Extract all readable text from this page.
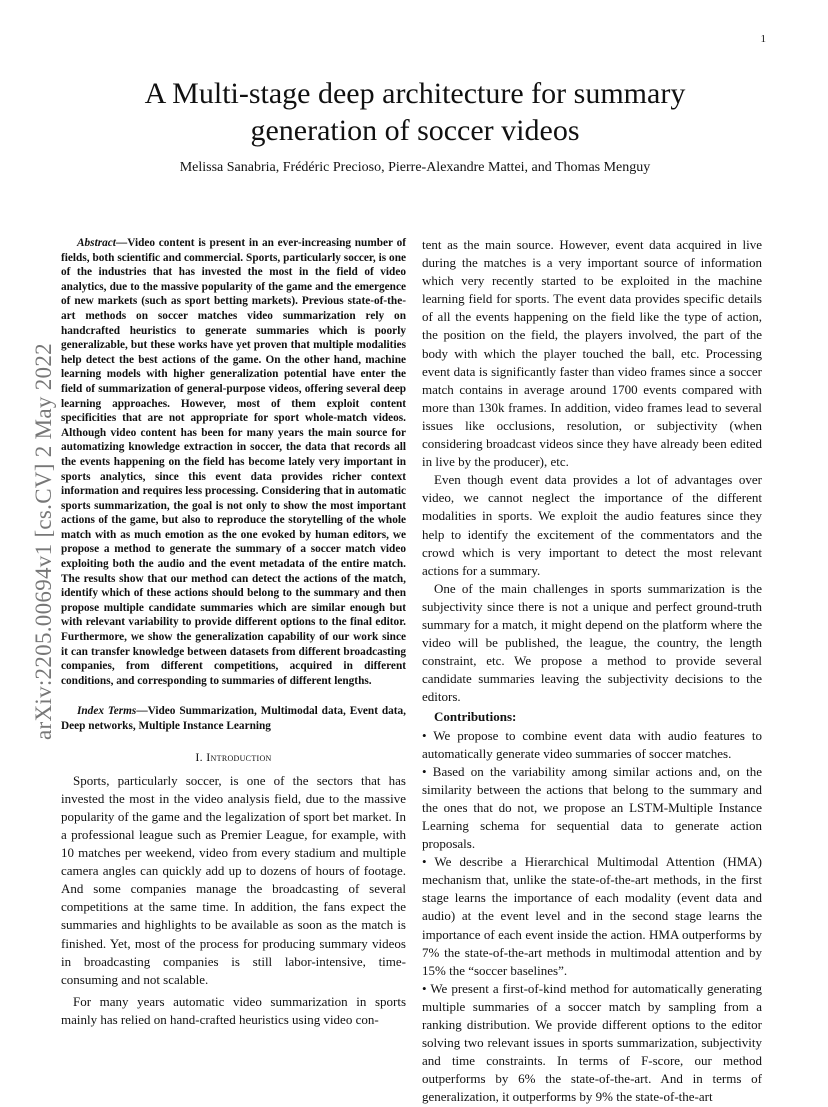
1
arXiv:2205.00694v1 [cs.CV] 2 May 2022
A Multi-stage deep architecture for summary
generation of soccer videos
Melissa Sanabria, Frédéric Precioso, Pierre-Alexandre Mattei, and Thomas Menguy

Abstract—Video content is present in an ever-increasing number of fields, both scientific and commercial. Sports, particularly soccer, is one of the industries that has invested the most in the field of video analytics, due to the massive popularity of the game and the emergence of new markets (such as sport betting markets). Previous state-of-the-art methods on soccer matches video summarization rely on handcrafted heuristics to generate summaries which is poorly generalizable, but these works have yet proven that multiple modalities help detect the best actions of the game. On the other hand, machine learning models with higher generalization potential have enter the field of summarization of general-purpose videos, offering several deep learning approaches. However, most of them exploit content specificities that are not appropriate for sport whole-match videos. Although video content has been for many years the main source for automatizing knowledge extraction in soccer, the data that records all the events happening on the field has become lately very important in sports analytics, since this event data provides richer context information and requires less processing. Considering that in automatic sports summarization, the goal is not only to show the most important actions of the game, but also to reproduce the storytelling of the whole match with as much emotion as the one evoked by human editors, we propose a method to generate the summary of a soccer match video exploiting both the audio and the event metadata of the entire match. The results show that our method can detect the actions of the match, identify which of these actions should belong to the summary and then propose multiple candidate summaries which are similar enough but with relevant variability to provide different options to the final editor. Furthermore, we show the generalization capability of our work since it can transfer knowledge between datasets from different broadcasting companies, from different competitions, acquired in different conditions, and corresponding to summaries of different lengths.

Index Terms—Video Summarization, Multimodal data, Event data, Deep networks, Multiple Instance Learning

I. Introduction

Sports, particularly soccer, is one of the sectors that has invested the most in the video analysis field, due to the massive popularity of the game and the legalization of sport bet market. In a professional league such as Premier League, for example, with 10 matches per weekend, video from every stadium and multiple camera angles can quickly add up to dozens of hours of footage. And some companies manage the broadcasting of several competitions at the same time. In addition, the fans expect the summaries and highlights to be available as soon as the match is finished. Yet, most of the process for producing summary videos in broadcasting companies is still labor-intensive, time-consuming and not scalable.

For many years automatic video summarization in sports mainly has relied on hand-crafted heuristics using video con-

tent as the main source. However, event data acquired in live during the matches is a very important source of information which very recently started to be exploited in the machine learning field for sports. The event data provides specific details of all the events happening on the field like the type of action, the position on the field, the players involved, the part of the body with which the player touched the ball, etc. Processing event data is significantly faster than video frames since a soccer match contains in average around 1700 events compared with more than 130k frames. In addition, video frames lead to several issues like occlusions, resolution, or subjectivity (when considering broadcast videos since they have already been edited in live by the producer), etc.

Even though event data provides a lot of advantages over video, we cannot neglect the importance of the different modalities in sports. We exploit the audio features since they help to identify the excitement of the commentators and the crowd which is very important to detect the most relevant actions for a summary.

One of the main challenges in sports summarization is the subjectivity since there is not a unique and perfect ground-truth summary for a match, it might depend on the platform where the video will be published, the league, the country, the length constraint, etc. We propose a method to provide several candidate summaries leaving the subjectivity decisions to the editors.

Contributions:

• We propose to combine event data with audio features to automatically generate video summaries of soccer matches.

• Based on the variability among similar actions and, on the similarity between the actions that belong to the summary and the ones that do not, we propose an LSTM-Multiple Instance Learning schema for sequential data to generate action proposals.

• We describe a Hierarchical Multimodal Attention (HMA) mechanism that, unlike the state-of-the-art methods, in the first stage learns the importance of each modality (event data and audio) at the event level and in the second stage learns the importance of each event inside the action. HMA outperforms by 7% the state-of-the-art methods in multimodal attention and by 15% the “soccer baselines”.

• We present a first-of-kind method for automatically generating multiple summaries of a soccer match by sampling from a ranking distribution. We provide different options to the editor solving two relevant issues in sports summarization, subjectivity and time constraints. In terms of F-score, our method outperforms by 6% the state-of-the-art. And in terms of generalization, it outperforms by 9% the state-of-the-art
